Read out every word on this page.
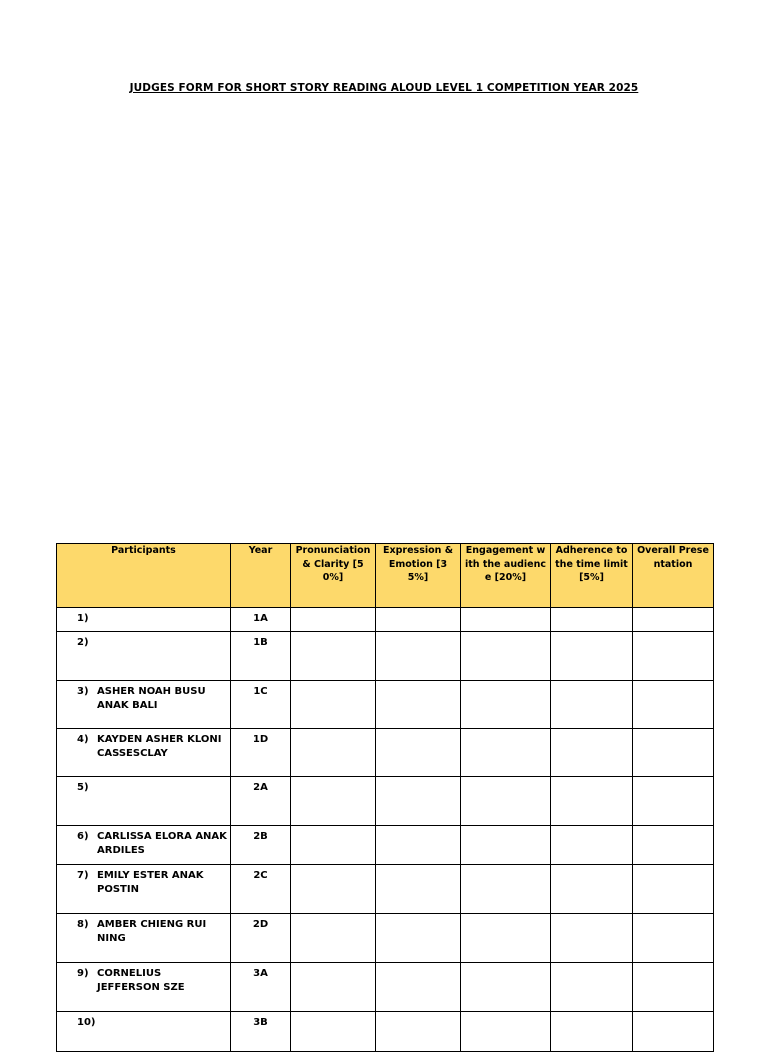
JUDGES FORM FOR SHORT STORY READING ALOUD LEVEL 1 COMPETITION YEAR 2025
Participants	Year	Pronunciation & Clarity [50%]	Expression & Emotion [35%]	Engagement with the audience [20%]	Adherence to the time limit [5%]	Overall Presentation

1)	1A					

2)	1B					

3) ASHER NOAH BUSU ANAK BALI	1C					

4) KAYDEN ASHER KLONI CASSESCLAY	1D					

5)	2A					

6) CARLISSA ELORA ANAK ARDILES	2B					

7) EMILY ESTER ANAK POSTIN	2C					

8) AMBER CHIENG RUI NING	2D					

9) CORNELIUS JEFFERSON SZE	3A					

10)	3B					
